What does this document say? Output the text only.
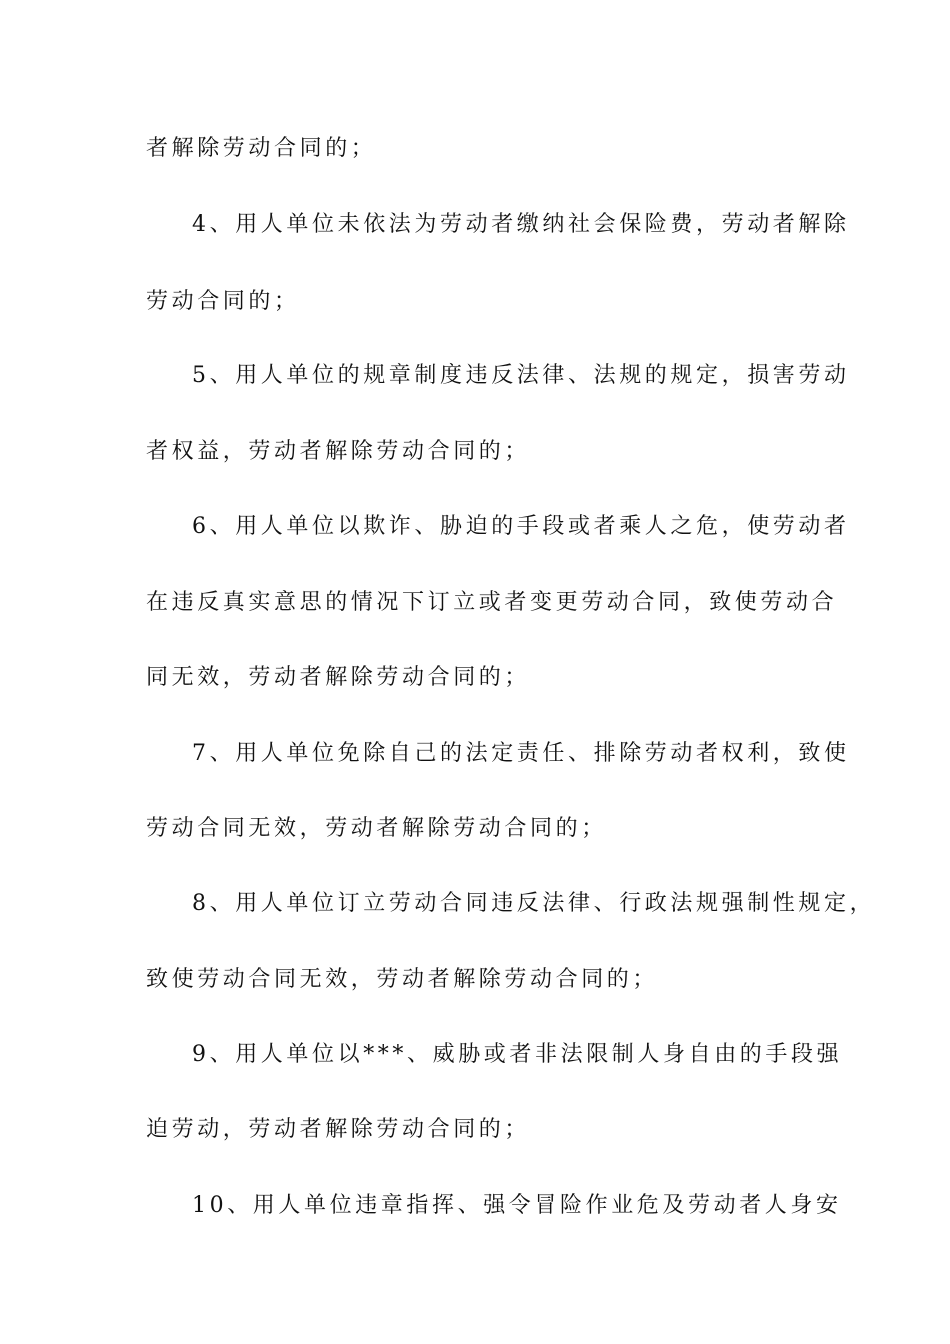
者解除劳动合同的；
4、用人单位未依法为劳动者缴纳社会保险费，劳动者解除
劳动合同的；
5、用人单位的规章制度违反法律、法规的规定，损害劳动
者权益，劳动者解除劳动合同的；
6、用人单位以欺诈、胁迫的手段或者乘人之危，使劳动者
在违反真实意思的情况下订立或者变更劳动合同，致使劳动合
同无效，劳动者解除劳动合同的；
7、用人单位免除自己的法定责任、排除劳动者权利，致使
劳动合同无效，劳动者解除劳动合同的；
8、用人单位订立劳动合同违反法律、行政法规强制性规定，
致使劳动合同无效，劳动者解除劳动合同的；
9、用人单位以***、威胁或者非法限制人身自由的手段强
迫劳动，劳动者解除劳动合同的；
10、用人单位违章指挥、强令冒险作业危及劳动者人身安
